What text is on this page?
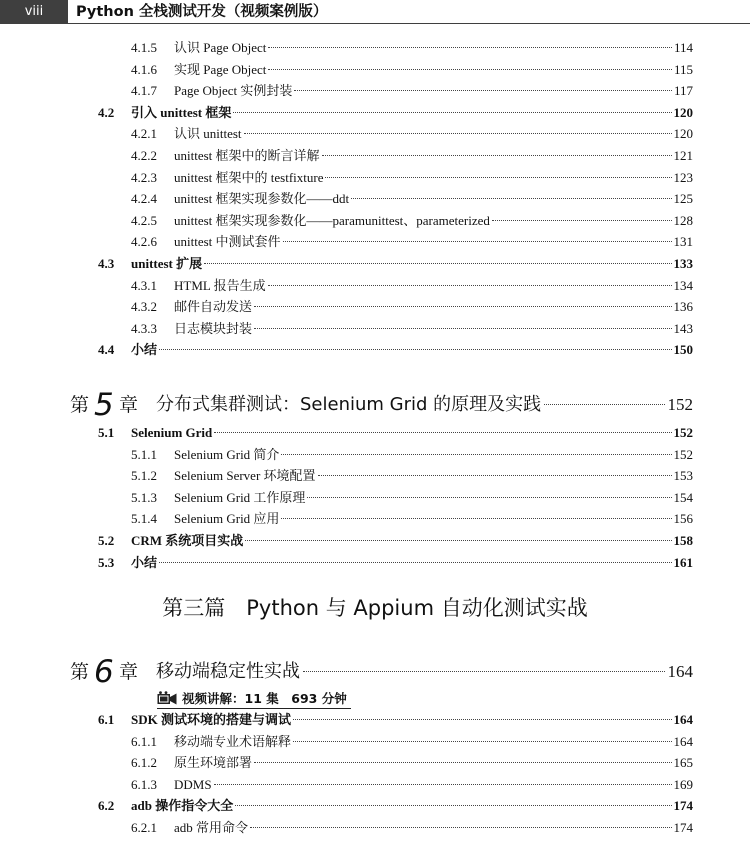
viii	Python 全栈测试开发（视频案例版）
4.1.5 认识 Page Object	114
4.1.6 实现 Page Object	115
4.1.7 Page Object 实例封装	117
4.2 引入 unittest 框架	120
4.2.1 认识 unittest	120
4.2.2 unittest 框架中的断言详解	121
4.2.3 unittest 框架中的 testfixture	123
4.2.4 unittest 框架实现参数化——ddt	125
4.2.5 unittest 框架实现参数化——paramunittest、parameterized	128
4.2.6 unittest 中测试套件	131
4.3 unittest 扩展	133
4.3.1 HTML 报告生成	134
4.3.2 邮件自动发送	136
4.3.3 日志模块封装	143
4.4 小结	150
第 5 章 分布式集群测试：Selenium Grid 的原理及实践	152
5.1 Selenium Grid	152
5.1.1 Selenium Grid 简介	152
5.1.2 Selenium Server 环境配置	153
5.1.3 Selenium Grid 工作原理	154
5.1.4 Selenium Grid 应用	156
5.2 CRM 系统项目实战	158
5.3 小结	161
第三篇　Python 与 Appium 自动化测试实战
第 6 章 移动端稳定性实战	164
视频讲解：11 集　693 分钟
6.1 SDK 测试环境的搭建与调试	164
6.1.1 移动端专业术语解释	164
6.1.2 原生环境部署	165
6.1.3 DDMS	169
6.2 adb 操作指令大全	174
6.2.1 adb 常用命令	174
